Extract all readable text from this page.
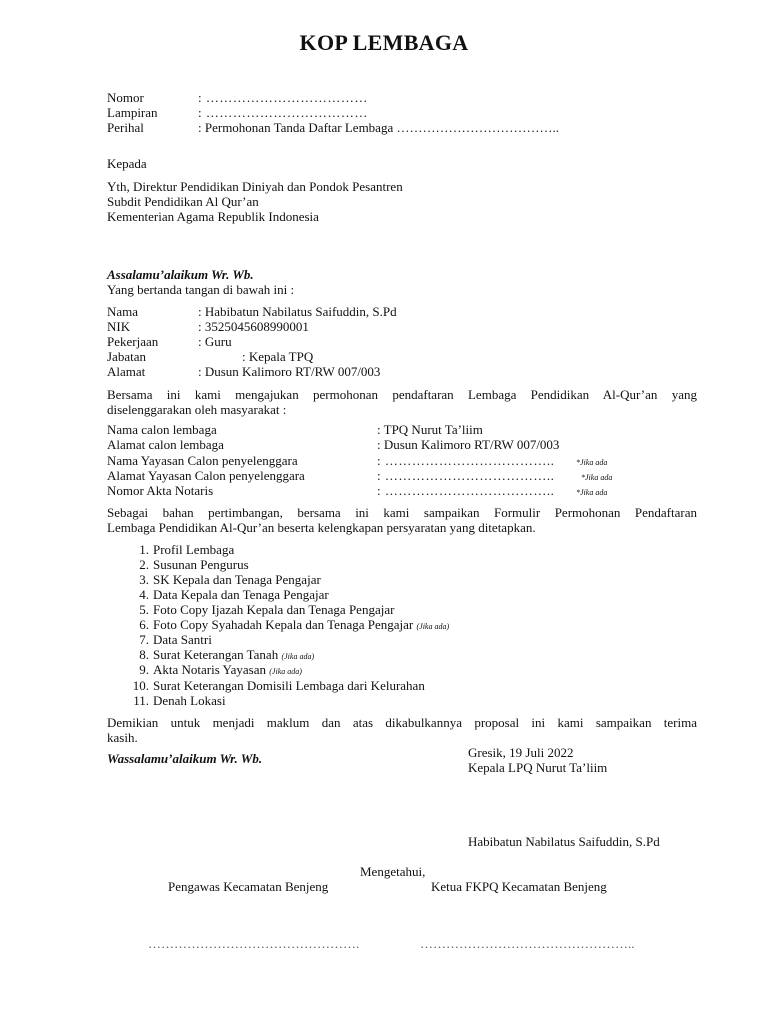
KOP LEMBAGA
Nomor	: ………………………………
Lampiran	: ………………………………
Perihal	: Permohonan Tanda Daftar Lembaga ………………………………..
Kepada
Yth, Direktur Pendidikan Diniyah dan Pondok Pesantren
Subdit Pendidikan Al Qur’an
Kementerian Agama Republik Indonesia
Assalamu’alaikum Wr. Wb.
Yang bertanda tangan di bawah ini :
Nama	: Habibatun Nabilatus Saifuddin, S.Pd
NIK	: 3525045608990001
Pekerjaan	: Guru
Jabatan	: Kepala TPQ
Alamat	: Dusun Kalimoro RT/RW 007/003
Bersama ini kami mengajukan permohonan pendaftaran Lembaga Pendidikan Al-Qur’an yang
diselenggarakan oleh masyarakat :
Nama calon lembaga	: TPQ Nurut Ta’liim
Alamat calon lembaga	: Dusun Kalimoro RT/RW 007/003
Nama Yayasan Calon penyelenggara	: ………………………………..	*Jika ada
Alamat Yayasan Calon penyelenggara	: ………………………………..	*Jika ada
Nomor Akta Notaris	: ………………………………..	*Jika ada
Sebagai bahan pertimbangan, bersama ini kami sampaikan Formulir Permohonan Pendaftaran
Lembaga Pendidikan Al-Qur’an beserta kelengkapan persyaratan yang ditetapkan.
1. Profil Lembaga
2. Susunan Pengurus
3. SK Kepala dan Tenaga Pengajar
4. Data Kepala dan Tenaga Pengajar
5. Foto Copy Ijazah Kepala dan Tenaga Pengajar
6. Foto Copy Syahadah Kepala dan Tenaga Pengajar (Jika ada)
7. Data Santri
8. Surat Keterangan Tanah (Jika ada)
9. Akta Notaris Yayasan (Jika ada)
10. Surat Keterangan Domisili Lembaga dari Kelurahan
11. Denah Lokasi
Demikian untuk menjadi maklum dan atas dikabulkannya proposal ini kami sampaikan terima
kasih.
Wassalamu’alaikum Wr. Wb.	Gresik, 19 Juli 2022
Kepala LPQ Nurut Ta’liim
Habibatun Nabilatus Saifuddin, S.Pd
Mengetahui,
Pengawas Kecamatan Benjeng	Ketua FKPQ Kecamatan Benjeng
………………………………………….	…………………………………………..
